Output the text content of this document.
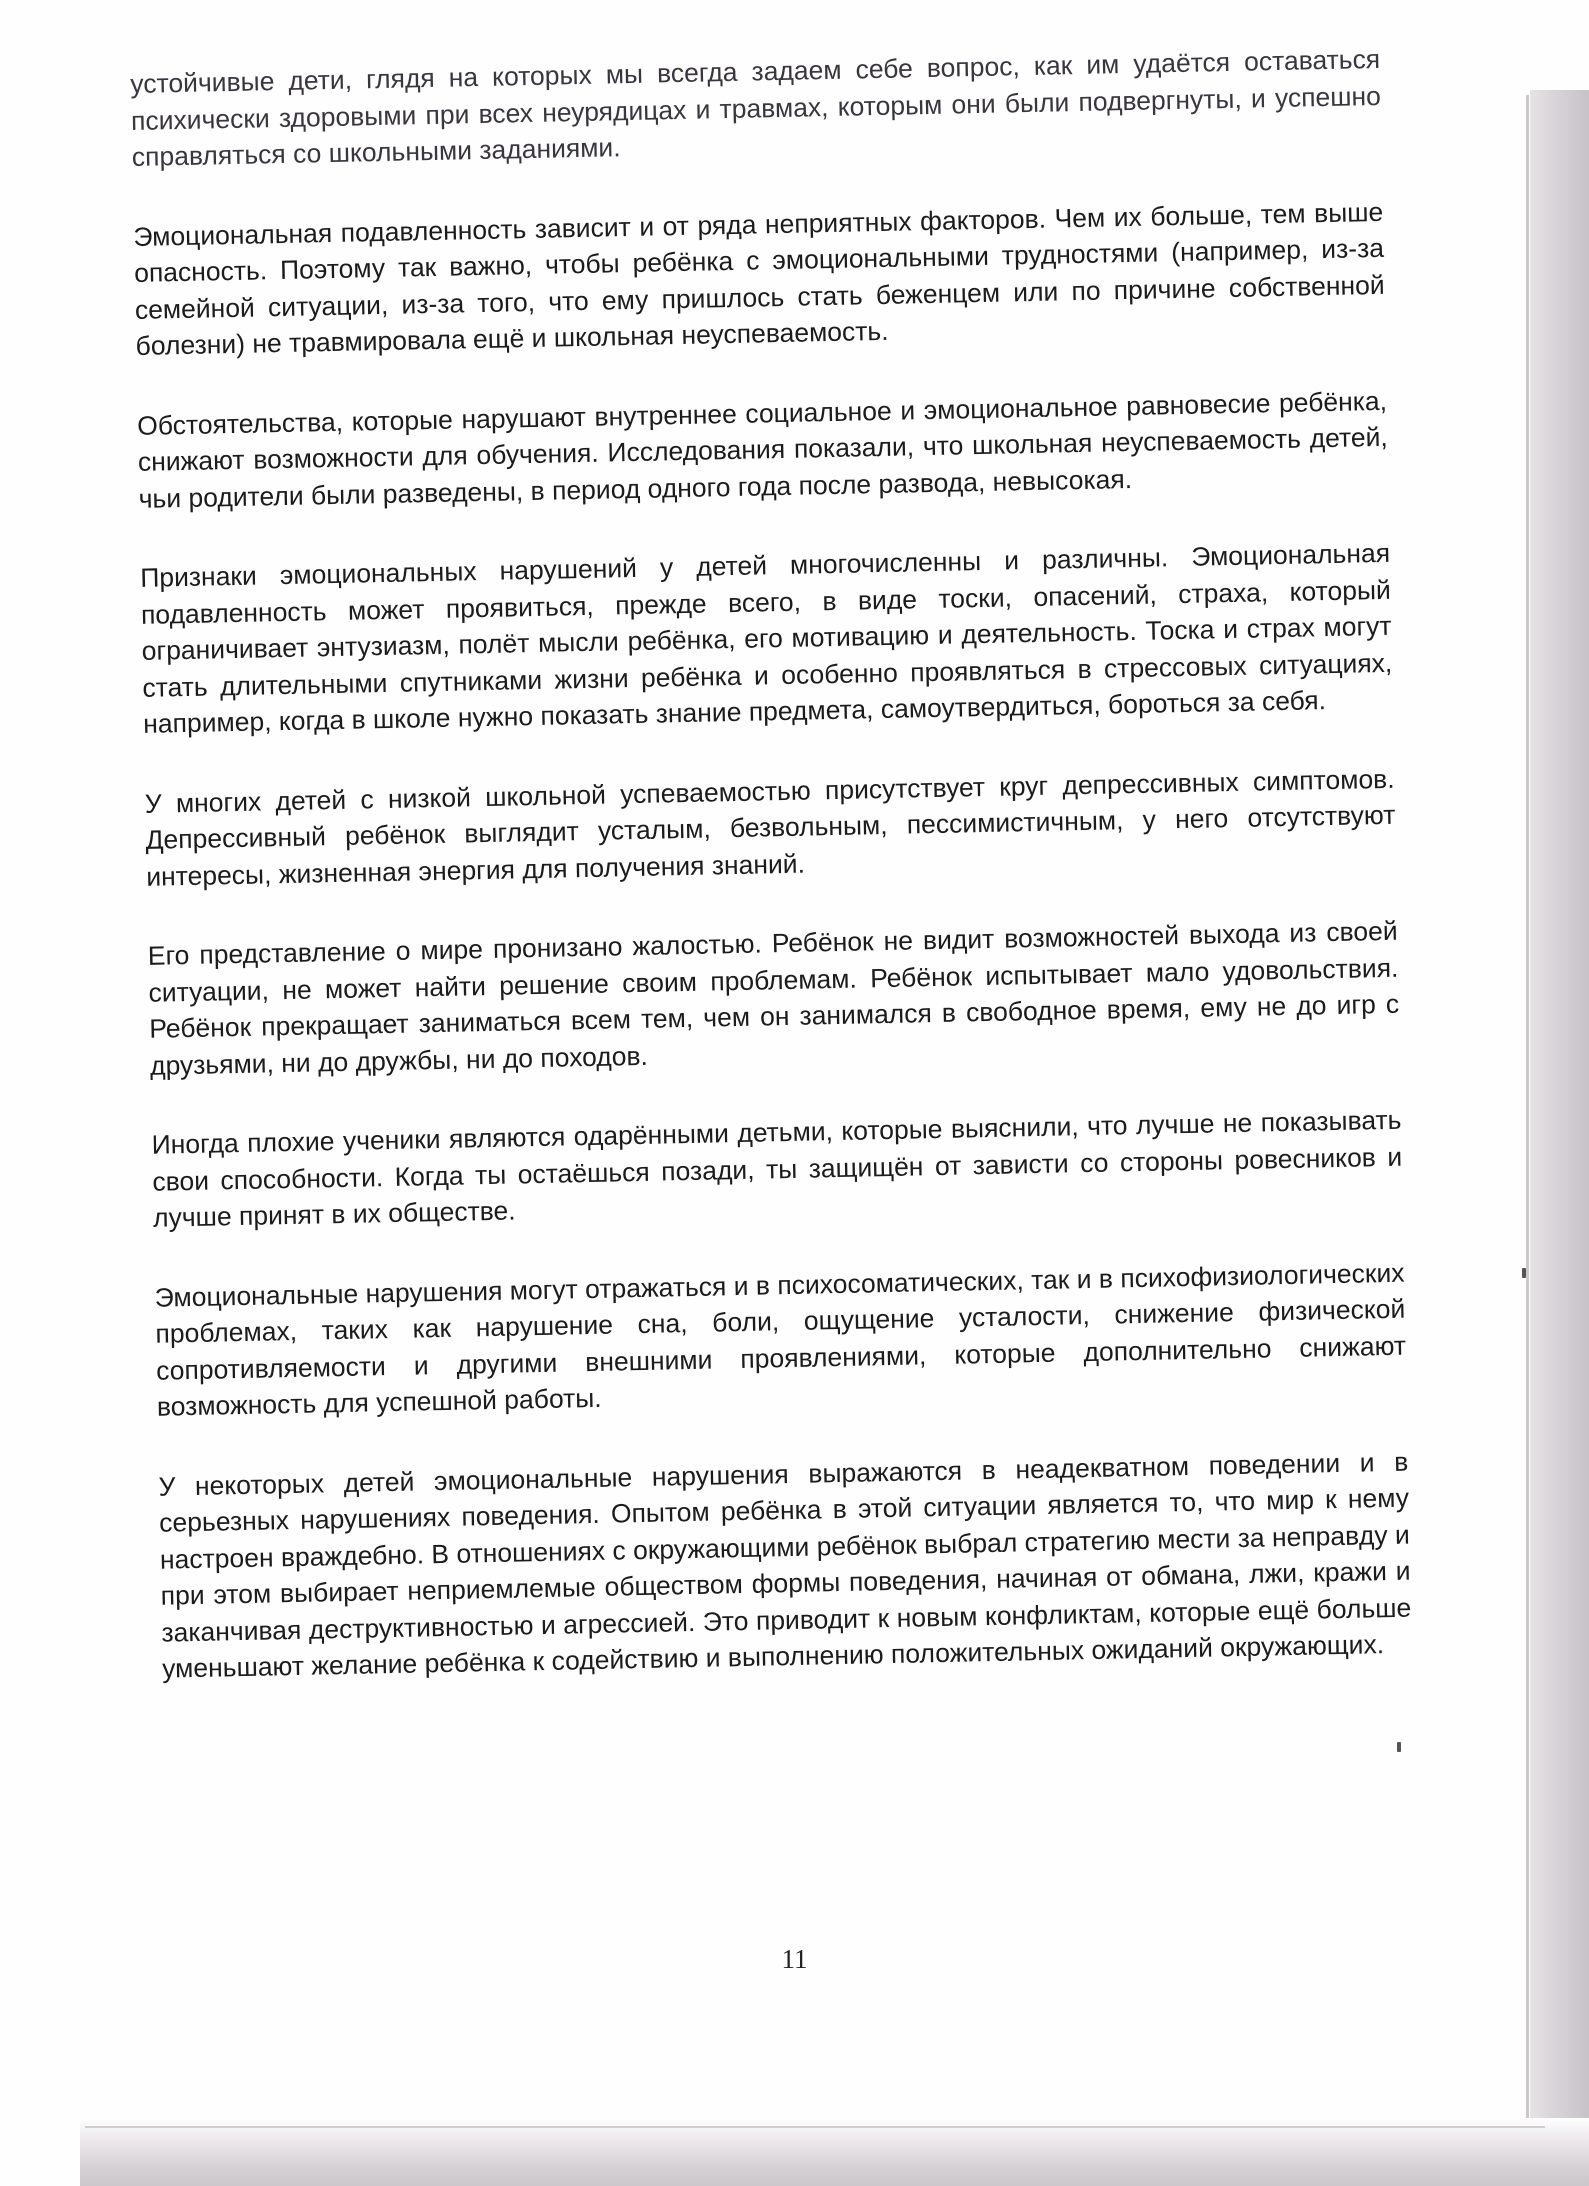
устойчивые дети, глядя на которых мы всегда задаем себе вопрос, как им удаётся оставаться психически здоровыми при всех неурядицах и травмах, которым они были подвергнуты, и успешно справляться со школьными заданиями.

Эмоциональная подавленность зависит и от ряда неприятных факторов. Чем их больше, тем выше опасность. Поэтому так важно, чтобы ребёнка с эмоциональными трудностями (например, из-за семейной ситуации, из-за того, что ему пришлось стать беженцем или по причине собственной болезни) не травмировала ещё и школьная неуспеваемость.

Обстоятельства, которые нарушают внутреннее социальное и эмоциональное равновесие ребёнка, снижают возможности для обучения. Исследования показали, что школьная неуспеваемость детей, чьи родители были разведены, в период одного года после развода, невысокая.

Признаки эмоциональных нарушений у детей многочисленны и различны. Эмоциональная подавленность может проявиться, прежде всего, в виде тоски, опасений, страха, который ограничивает энтузиазм, полёт мысли ребёнка, его мотивацию и деятельность. Тоска и страх могут стать длительными спутниками жизни ребёнка и особенно проявляться в стрессовых ситуациях, например, когда в школе нужно показать знание предмета, самоутвердиться, бороться за себя.

У многих детей с низкой школьной успеваемостью присутствует круг депрессивных симптомов. Депрессивный ребёнок выглядит усталым, безвольным, пессимистичным, у него отсутствуют интересы, жизненная энергия для получения знаний.

Его представление о мире пронизано жалостью. Ребёнок не видит возможностей выхода из своей ситуации, не может найти решение своим проблемам. Ребёнок испытывает мало удовольствия. Ребёнок прекращает заниматься всем тем, чем он занимался в свободное время, ему не до игр с друзьями, ни до дружбы, ни до походов.

Иногда плохие ученики являются одарёнными детьми, которые выяснили, что лучше не показывать свои способности. Когда ты остаёшься позади, ты защищён от зависти со стороны ровесников и лучше принят в их обществе.

Эмоциональные нарушения могут отражаться и в психосоматических, так и в психофизиологических проблемах, таких как нарушение сна, боли, ощущение усталости, снижение физической сопротивляемости и другими внешними проявлениями, которые дополнительно снижают возможность для успешной работы.

У некоторых детей эмоциональные нарушения выражаются в неадекватном поведении и в серьезных нарушениях поведения. Опытом ребёнка в этой ситуации является то, что мир к нему настроен враждебно. В отношениях с окружающими ребёнок выбрал стратегию мести за неправду и при этом выбирает неприемлемые обществом формы поведения, начиная от обмана, лжи, кражи и заканчивая деструктивностью и агрессией. Это приводит к новым конфликтам, которые ещё больше уменьшают желание ребёнка к содействию и выполнению положительных ожиданий окружающих.

11
